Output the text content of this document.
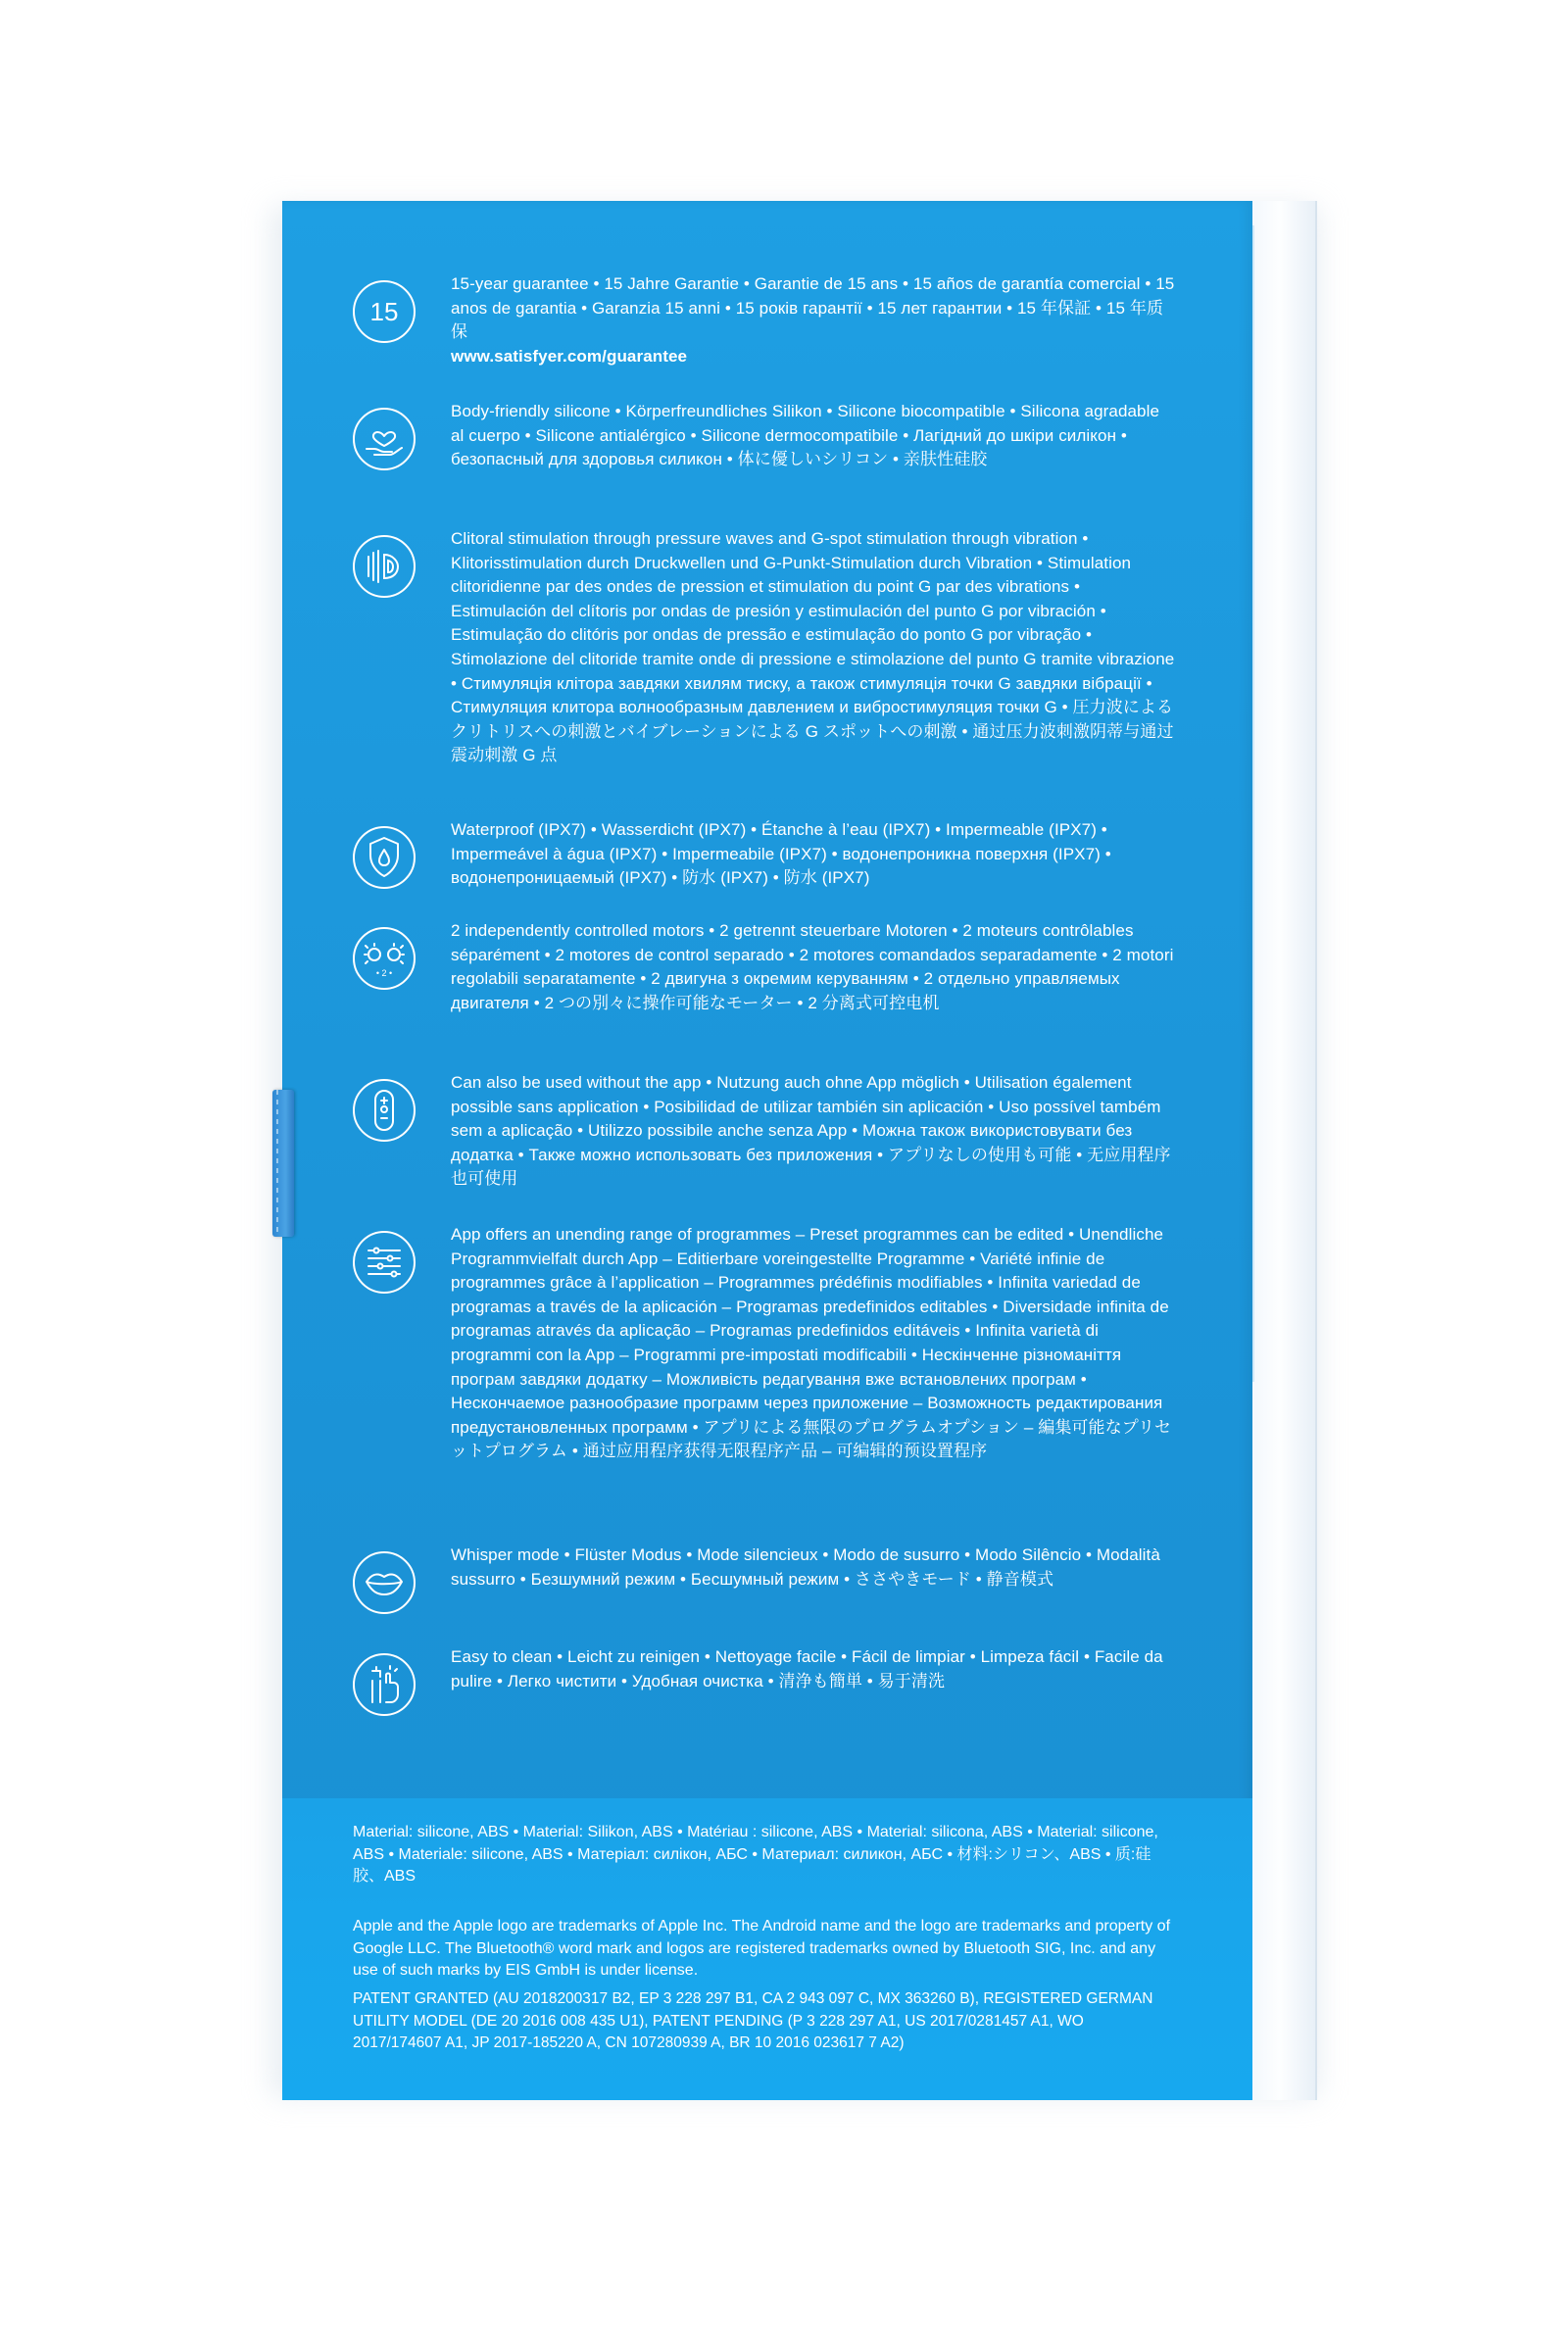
15
15-year guarantee • 15 Jahre Garantie • Garantie de 15 ans • 15 años de garantía comercial • 15 anos de garantia • Garanzia 15 anni • 15 років гарантії • 15 лет гарантии • 15 年保証 • 15 年质保
www.satisfyer.com/guarantee
Body-friendly silicone • Körperfreundliches Silikon • Silicone biocompatible • Silicona agradable al cuerpo • Silicone antialérgico • Silicone dermocompatibile • Лагідний до шкіри силікон • безопасный для здоровья силикон • 体に優しいシリコン • 亲肤性硅胶
Clitoral stimulation through pressure waves and G-spot stimulation through vibration • Klitorisstimulation durch Druckwellen und G-Punkt-Stimulation durch Vibration • Stimulation clitoridienne par des ondes de pression et stimulation du point G par des vibrations • Estimulación del clítoris por ondas de presión y estimulación del punto G por vibración • Estimulação do clitóris por ondas de pressão e estimulação do ponto G por vibração • Stimolazione del clitoride tramite onde di pressione e stimolazione del punto G tramite vibrazione • Стимуляція клітора завдяки хвилям тиску, а також стимуляція точки G завдяки вібрації • Стимуляция клитора волнообразным давлением и вибростимуляция точки G • 圧力波によるクリトリスへの刺激とバイブレーションによる G スポットへの刺激 • 通过压力波刺激阴蒂与通过震动刺激 G 点
Waterproof (IPX7) • Wasserdicht (IPX7) • Étanche à l’eau (IPX7) • Impermeable (IPX7) • Impermeável à água (IPX7) • Impermeabile (IPX7) • водонепроникна поверхня (IPX7) • водонепроницаемый (IPX7) • 防水 (IPX7) • 防水 (IPX7)
• 2 •
2 independently controlled motors • 2 getrennt steuerbare Motoren • 2 moteurs contrôlables séparément • 2 motores de control separado • 2 motores comandados separadamente • 2 motori regolabili separatamente • 2 двигуна з окремим керуванням • 2 отдельно управляемых двигателя • 2 つの別々に操作可能なモーター • 2 分离式可控电机
Can also be used without the app • Nutzung auch ohne App möglich • Utilisation également possible sans application • Posibilidad de utilizar también sin aplicación • Uso possível também sem a aplicação • Utilizzo possibile anche senza App • Можна також використовувати без додатка • Также можно использовать без приложения • アプリなしの使用も可能 • 无应用程序也可使用
App offers an unending range of programmes – Preset programmes can be edited • Unendliche Programmvielfalt durch App – Editierbare voreingestellte Programme • Variété infinie de programmes grâce à l’application – Programmes prédéfinis modifiables • Infinita variedad de programas a través de la aplicación – Programas predefinidos editables • Diversidade infinita de programas através da aplicação – Programas predefinidos editáveis • Infinita varietà di programmi con la App – Programmi pre-impostati modificabili • Нескінченне різноманіття програм завдяки додатку – Можливість редагування вже встановлених програм • Нескончаемое разнообразие программ через приложение – Возможность редактирования предустановленных программ • アプリによる無限のプログラムオプション – 編集可能なプリセットプログラム • 通过应用程序获得无限程序产品 – 可编辑的预设置程序
Whisper mode • Flüster Modus • Mode silencieux • Modo de susurro • Modo Silêncio • Modalità sussurro • Безшумний режим • Бесшумный режим • ささやきモード • 静音模式
Easy to clean • Leicht zu reinigen • Nettoyage facile • Fácil de limpiar • Limpeza fácil • Facile da pulire • Легко чистити • Удобная очистка • 清浄も簡単 • 易于清洗
Material: silicone, ABS • Material: Silikon, ABS • Matériau : silicone, ABS • Material: silicona, ABS • Material: silicone, ABS • Materiale: silicone, ABS • Матеріал: силікон, АБС • Материал: силикон, АБС • 材料:シリコン、ABS • 质:硅胶、ABS
Apple and the Apple logo are trademarks of Apple Inc. The Android name and the logo are trademarks and property of Google LLC. The Bluetooth® word mark and logos are registered trademarks owned by Bluetooth SIG, Inc. and any use of such marks by EIS GmbH is under license.
PATENT GRANTED (AU 2018200317 B2, EP 3 228 297 B1, CA 2 943 097 C, MX 363260 B), REGISTERED GERMAN UTILITY MODEL (DE 20 2016 008 435 U1), PATENT PENDING (P 3 228 297 A1, US 2017/0281457 A1, WO 2017/174607 A1, JP 2017-185220 A, CN 107280939 A, BR 10 2016 023617 7 A2)
